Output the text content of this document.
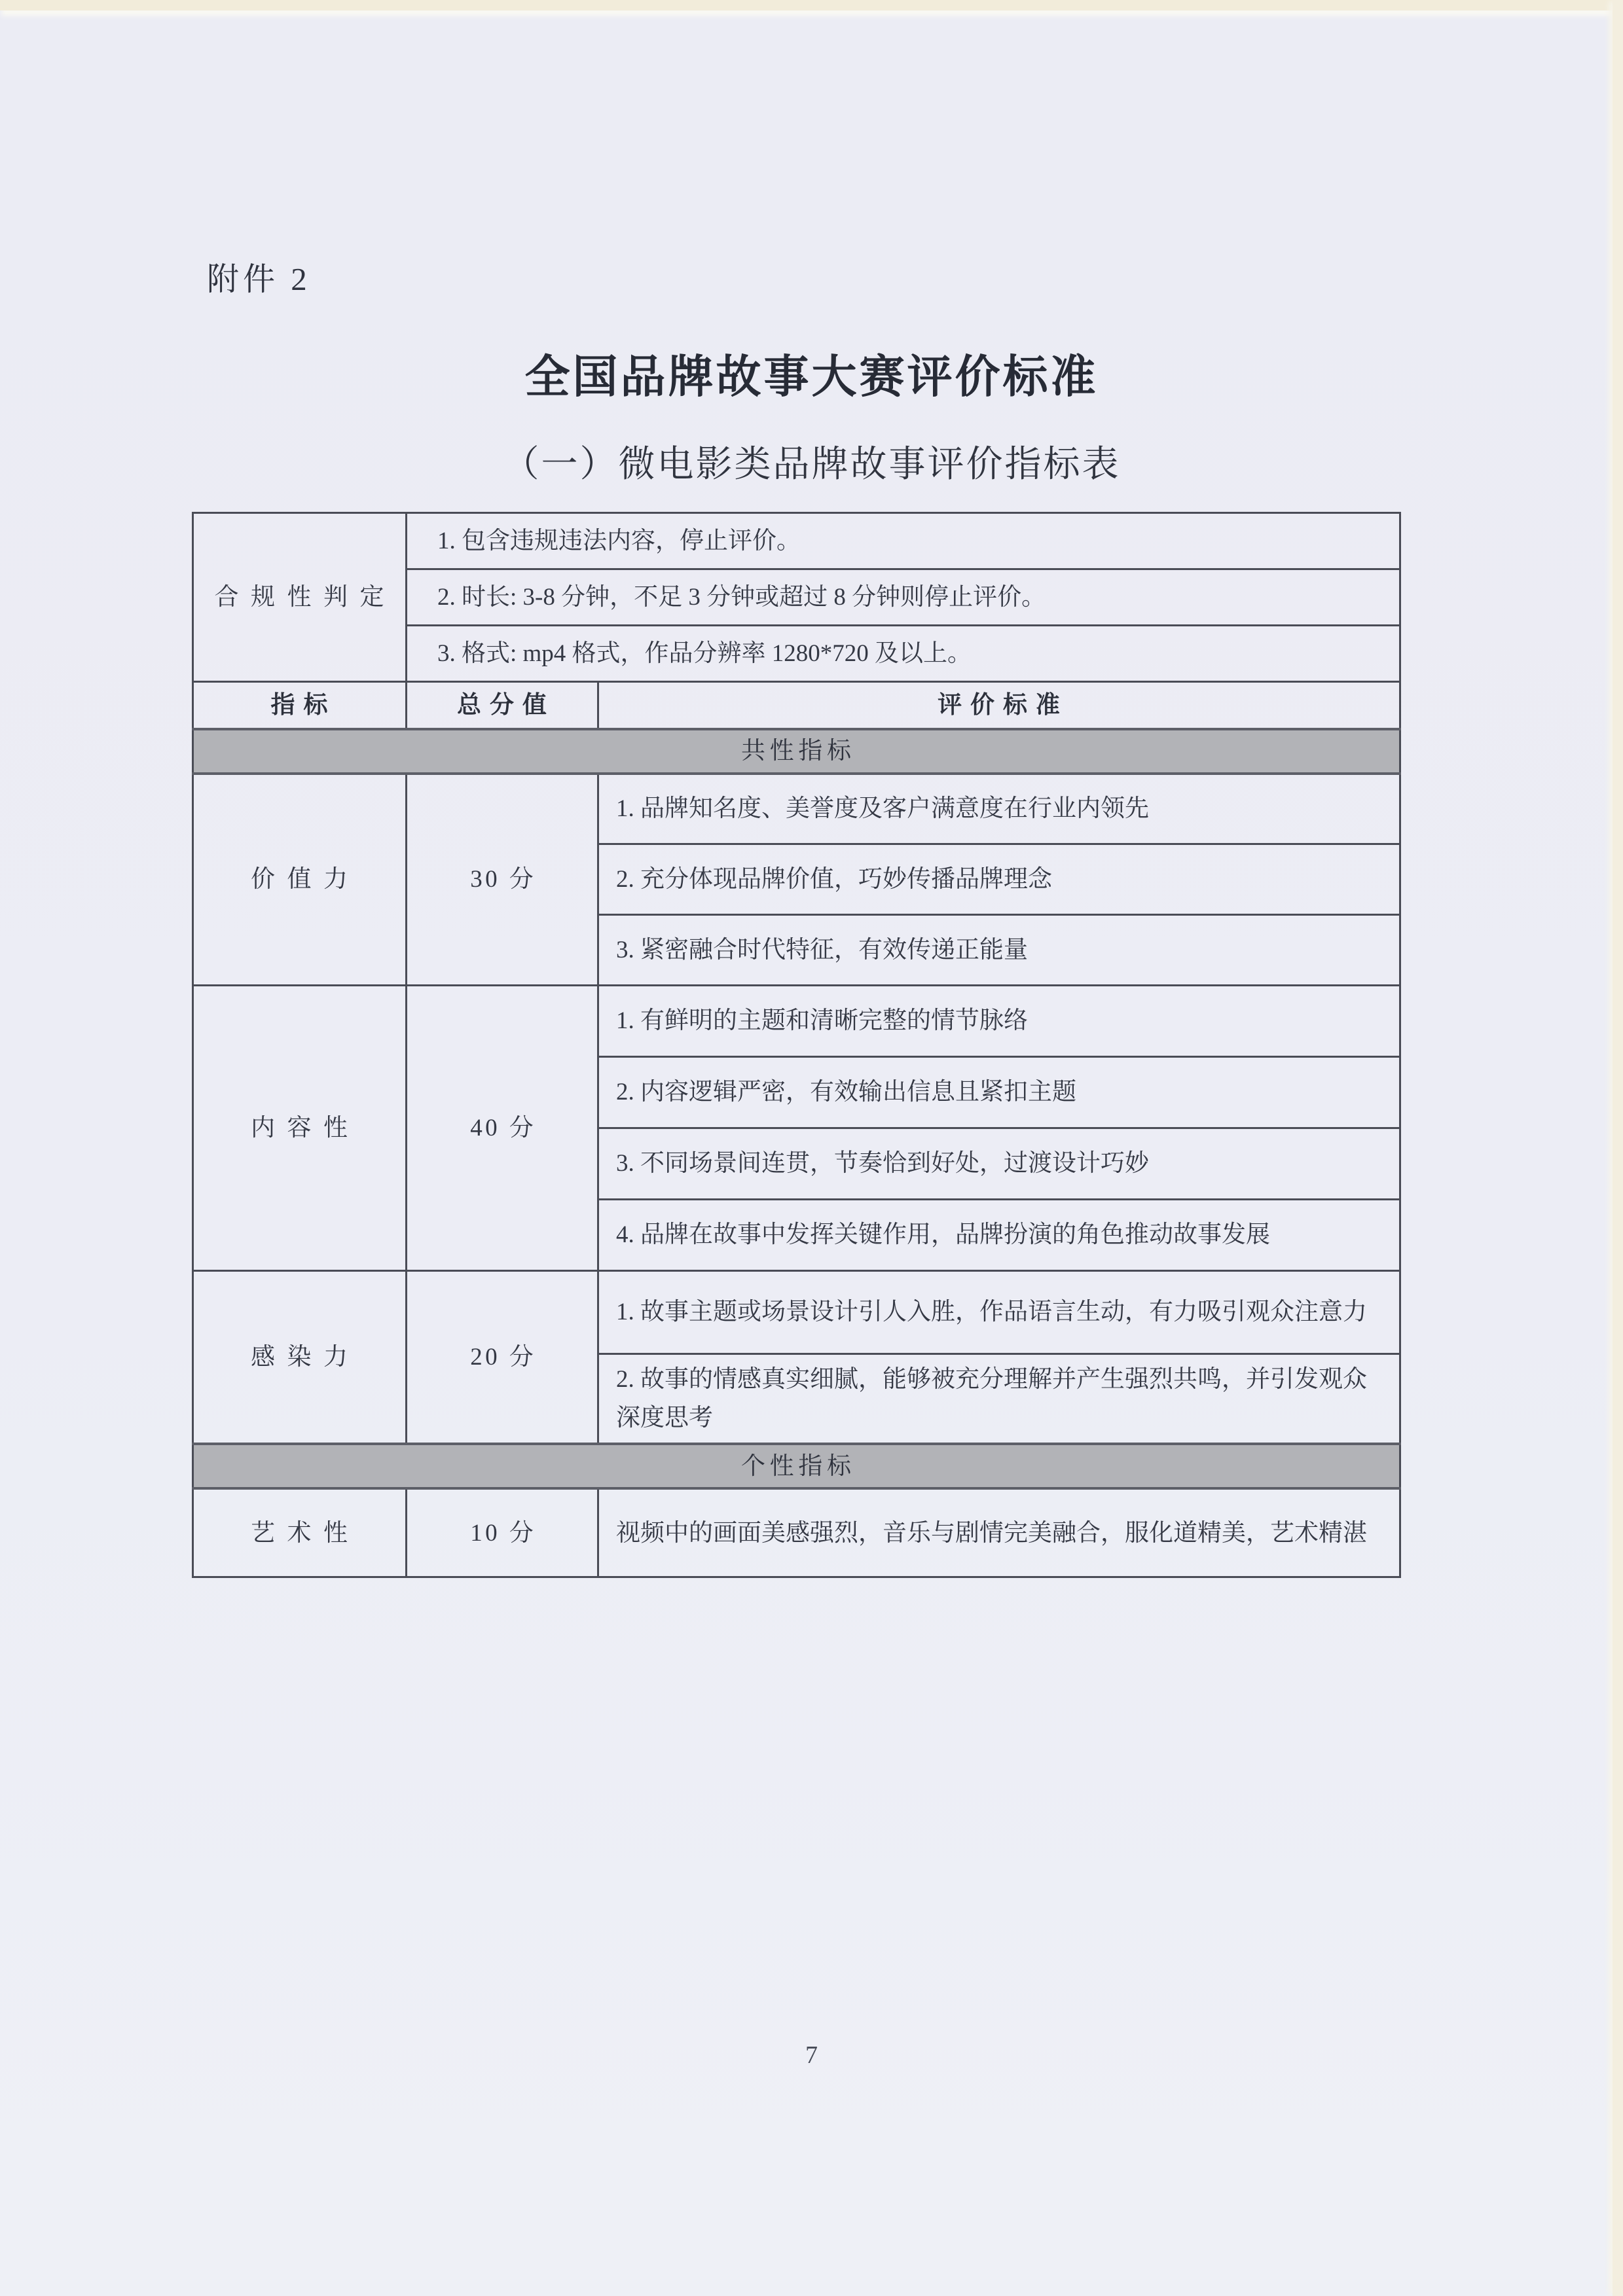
附件 2
全国品牌故事大赛评价标准
（一）微电影类品牌故事评价指标表
合规性判定	1. 包含违规违法内容，停止评价。	
	2. 时长: 3-8 分钟，不足 3 分钟或超过 8 分钟则停止评价。	
	3. 格式: mp4 格式，作品分辨率 1280*720 及以上。	
指标	总分值	评价标准
共性指标		
价值力	30 分	1. 品牌知名度、美誉度及客户满意度在行业内领先
		2. 充分体现品牌价值，巧妙传播品牌理念
		3. 紧密融合时代特征，有效传递正能量
内容性	40 分	1. 有鲜明的主题和清晰完整的情节脉络
		2. 内容逻辑严密，有效输出信息且紧扣主题
		3. 不同场景间连贯，节奏恰到好处，过渡设计巧妙
		4. 品牌在故事中发挥关键作用，品牌扮演的角色推动故事发展
感染力	20 分	1. 故事主题或场景设计引人入胜，作品语言生动，有力吸引观众注意力
		2. 故事的情感真实细腻，能够被充分理解并产生强烈共鸣，并引发观众深度思考
个性指标		
艺术性	10 分	视频中的画面美感强烈，音乐与剧情完美融合，服化道精美，艺术精湛
7
